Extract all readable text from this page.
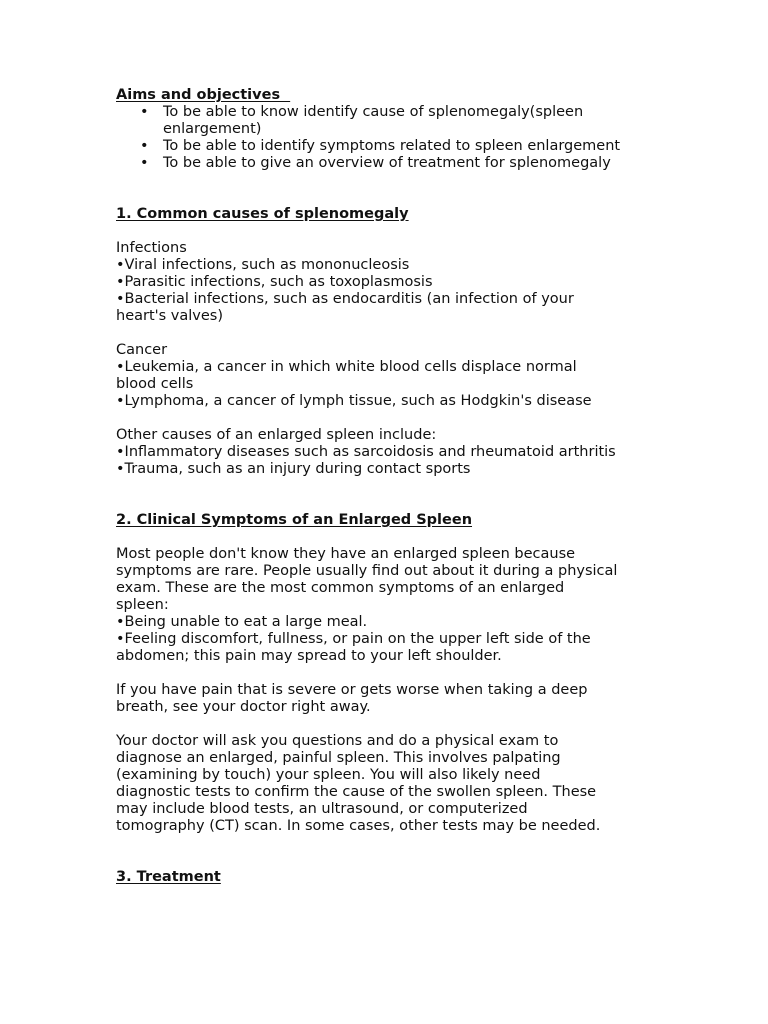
Aims and objectives

• To be able to know identify cause of splenomegaly(spleen enlargement)
• To be able to identify symptoms related to spleen enlargement
• To be able to give an overview of treatment for splenomegaly

1. Common causes of splenomegaly

Infections

•Viral infections, such as mononucleosis

•Parasitic infections, such as toxoplasmosis

•Bacterial infections, such as endocarditis (an infection of your

heart's valves)

Cancer

•Leukemia, a cancer in which white blood cells displace normal

blood cells

•Lymphoma, a cancer of lymph tissue, such as Hodgkin's disease

Other causes of an enlarged spleen include:

•Inflammatory diseases such as sarcoidosis and rheumatoid arthritis

•Trauma, such as an injury during contact sports

2. Clinical Symptoms of an Enlarged Spleen

Most people don't know they have an enlarged spleen because

symptoms are rare. People usually find out about it during a physical

exam. These are the most common symptoms of an enlarged

spleen:

•Being unable to eat a large meal.

•Feeling discomfort, fullness, or pain on the upper left side of the

abdomen; this pain may spread to your left shoulder.

If you have pain that is severe or gets worse when taking a deep

breath, see your doctor right away.

Your doctor will ask you questions and do a physical exam to

diagnose an enlarged, painful spleen. This involves palpating

(examining by touch) your spleen. You will also likely need

diagnostic tests to confirm the cause of the swollen spleen. These

may include blood tests, an ultrasound, or computerized

tomography (CT) scan. In some cases, other tests may be needed.

3. Treatment
